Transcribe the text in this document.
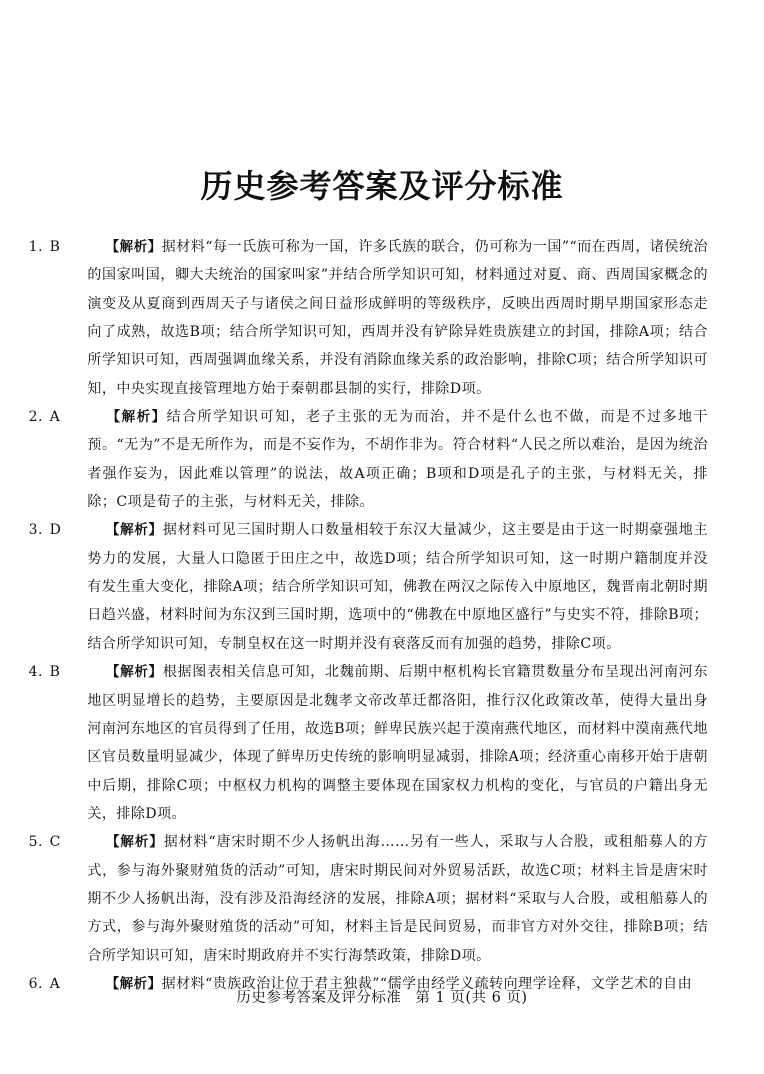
历史参考答案及评分标准

1. B	【解析】据材料“每一氏族可称为一国，许多氏族的联合，仍可称为一国”“而在西周，诸侯统治的国家叫国，卿大夫统治的国家叫家”并结合所学知识可知，材料通过对夏、商、西周国家概念的演变及从夏商到西周天子与诸侯之间日益形成鲜明的等级秩序，反映出西周时期早期国家形态走向了成熟，故选B项；结合所学知识可知，西周并没有铲除异姓贵族建立的封国，排除A项；结合所学知识可知，西周强调血缘关系，并没有消除血缘关系的政治影响，排除C项；结合所学知识可知，中央实现直接管理地方始于秦朝郡县制的实行，排除D项。

2. A	【解析】结合所学知识可知，老子主张的无为而治，并不是什么也不做，而是不过多地干预。“无为”不是无所作为，而是不妄作为，不胡作非为。符合材料“人民之所以难治，是因为统治者强作妄为，因此难以管理”的说法，故A项正确；B项和D项是孔子的主张，与材料无关，排除；C项是荀子的主张，与材料无关，排除。

3. D	【解析】据材料可见三国时期人口数量相较于东汉大量减少，这主要是由于这一时期豪强地主势力的发展，大量人口隐匿于田庄之中，故选D项；结合所学知识可知，这一时期户籍制度并没有发生重大变化，排除A项；结合所学知识可知，佛教在两汉之际传入中原地区，魏晋南北朝时期日趋兴盛，材料时间为东汉到三国时期，选项中的“佛教在中原地区盛行”与史实不符，排除B项；结合所学知识可知，专制皇权在这一时期并没有衰落反而有加强的趋势，排除C项。

4. B	【解析】根据图表相关信息可知，北魏前期、后期中枢机构长官籍贯数量分布呈现出河南河东地区明显增长的趋势，主要原因是北魏孝文帝改革迁都洛阳，推行汉化政策改革，使得大量出身河南河东地区的官员得到了任用，故选B项；鲜卑民族兴起于漠南燕代地区，而材料中漠南燕代地区官员数量明显减少，体现了鲜卑历史传统的影响明显减弱，排除A项；经济重心南移开始于唐朝中后期，排除C项；中枢权力机构的调整主要体现在国家权力机构的变化，与官员的户籍出身无关，排除D项。

5. C	【解析】据材料“唐宋时期不少人扬帆出海……另有一些人，采取与人合股，或租船募人的方式，参与海外聚财殖货的活动”可知，唐宋时期民间对外贸易活跃，故选C项；材料主旨是唐宋时期不少人扬帆出海，没有涉及沿海经济的发展，排除A项；据材料“采取与人合股，或租船募人的方式，参与海外聚财殖货的活动”可知，材料主旨是民间贸易，而非官方对外交往，排除B项；结合所学知识可知，唐宋时期政府并不实行海禁政策，排除D项。

6. A	【解析】据材料“贵族政治让位于君主独裁”“儒学由经学义疏转向理学诠释，文学艺术的自由

历史参考答案及评分标准 第 1 页(共 6 页)
